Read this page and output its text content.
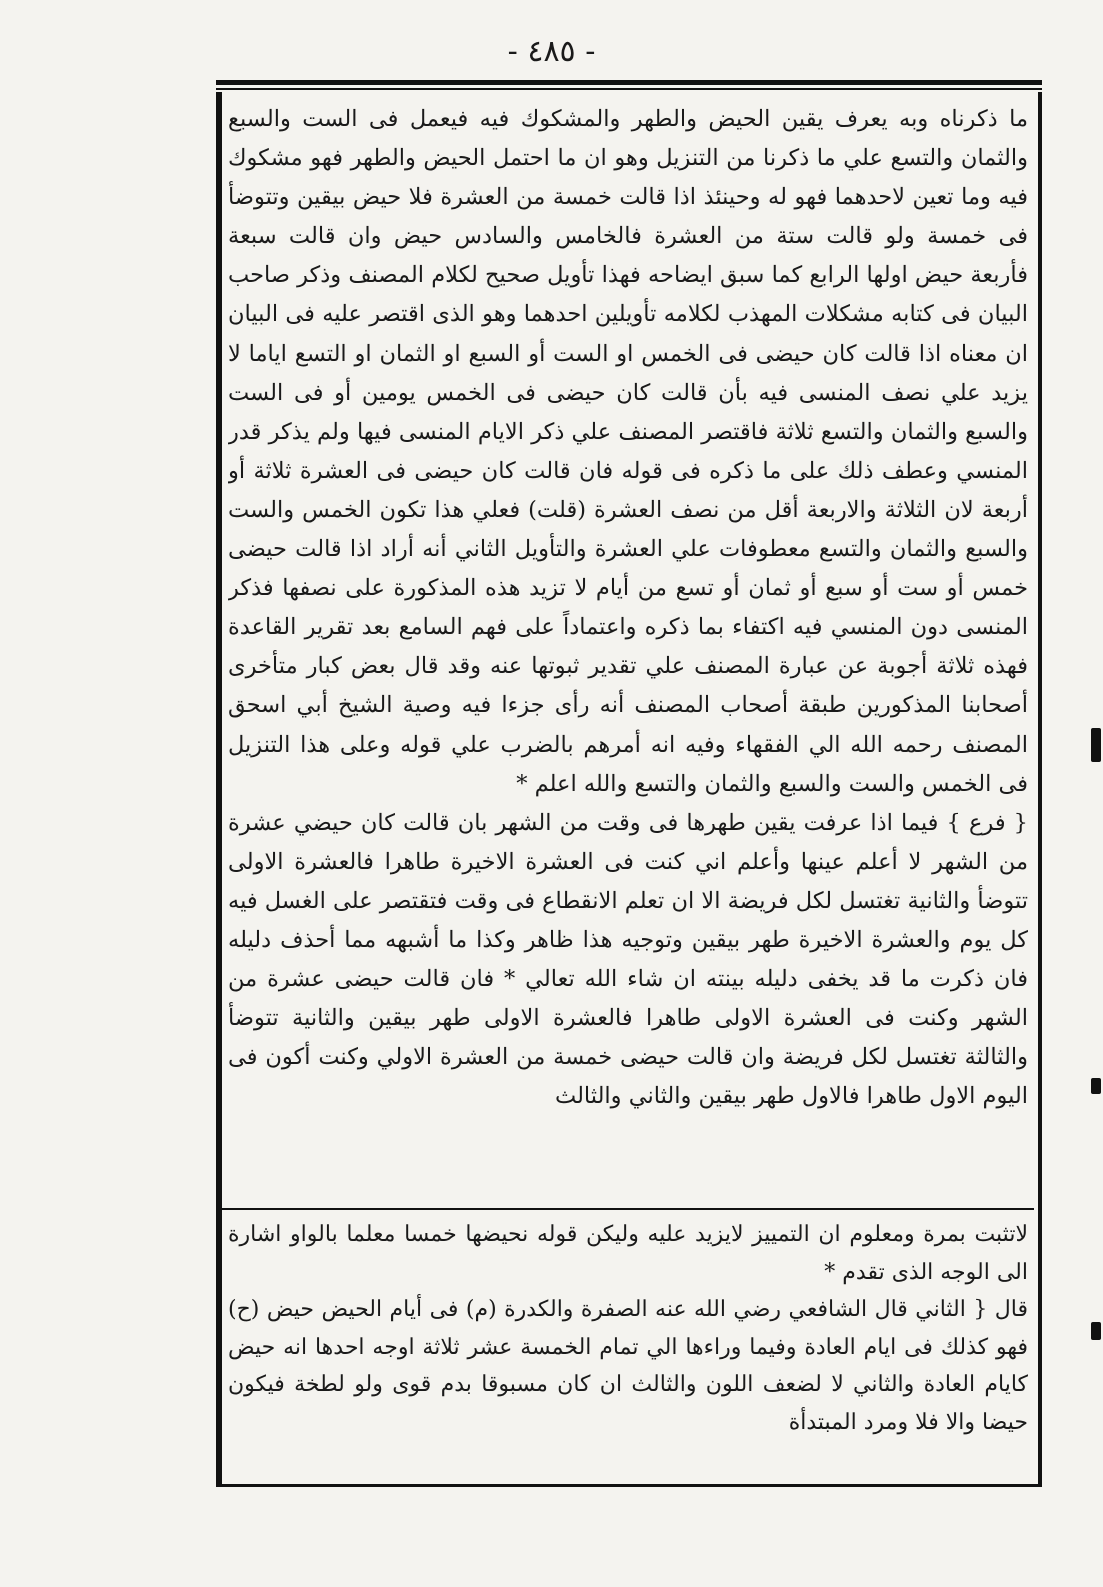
- ٤٨٥ -

ما ذكرناه وبه يعرف يقين الحيض والطهر والمشكوك فيه فيعمل فى الست والسبع والثمان والتسع علي ما ذكرنا من التنزيل وهو ان ما احتمل الحيض والطهر فهو مشكوك فيه وما تعين لاحدهما فهو له وحينئذ اذا قالت خمسة من العشرة فلا حيض بيقين وتتوضأ فى خمسة ولو قالت ستة من العشرة فالخامس والسادس حيض وان قالت سبعة فأربعة حيض اولها الرابع كما سبق ايضاحه فهذا تأويل صحيح لكلام المصنف وذكر صاحب البيان فى كتابه مشكلات المهذب لكلامه تأويلين احدهما وهو الذى اقتصر عليه فى البيان ان معناه اذا قالت كان حيضى فى الخمس او الست أو السبع او الثمان او التسع اياما لا يزيد علي نصف المنسى فيه بأن قالت كان حيضى فى الخمس يومين أو فى الست والسبع والثمان والتسع ثلاثة فاقتصر المصنف علي ذكر الايام المنسى فيها ولم يذكر قدر المنسي وعطف ذلك على ما ذكره فى قوله فان قالت كان حيضى فى العشرة ثلاثة أو أربعة لان الثلاثة والاربعة أقل من نصف العشرة (قلت) فعلي هذا تكون الخمس والست والسبع والثمان والتسع معطوفات علي العشرة والتأويل الثاني أنه أراد اذا قالت حيضى خمس أو ست أو سبع أو ثمان أو تسع من أيام لا تزيد هذه المذكورة على نصفها فذكر المنسى دون المنسي فيه اكتفاء بما ذكره واعتماداً على فهم السامع بعد تقرير القاعدة فهذه ثلاثة أجوبة عن عبارة المصنف علي تقدير ثبوتها عنه وقد قال بعض كبار متأخرى أصحابنا المذكورين طبقة أصحاب المصنف أنه رأى جزءا فيه وصية الشيخ أبي اسحق المصنف رحمه الله الي الفقهاء وفيه انه أمرهم بالضرب علي قوله وعلى هذا التنزيل فى الخمس والست والسبع والثمان والتسع والله اعلم *

{ فرع } فيما اذا عرفت يقين طهرها فى وقت من الشهر بان قالت كان حيضي عشرة من الشهر لا أعلم عينها وأعلم اني كنت فى العشرة الاخيرة طاهرا فالعشرة الاولى تتوضأ والثانية تغتسل لكل فريضة الا ان تعلم الانقطاع فى وقت فتقتصر على الغسل فيه كل يوم والعشرة الاخيرة طهر بيقين وتوجيه هذا ظاهر وكذا ما أشبهه مما أحذف دليله فان ذكرت ما قد يخفى دليله بينته ان شاء الله تعالي * فان قالت حيضى عشرة من الشهر وكنت فى العشرة الاولى طاهرا فالعشرة الاولى طهر بيقين والثانية تتوضأ والثالثة تغتسل لكل فريضة وان قالت حيضى خمسة من العشرة الاولي وكنت أكون فى اليوم الاول طاهرا فالاول طهر بيقين والثاني والثالث

لاتثبت بمرة ومعلوم ان التمييز لايزيد عليه وليكن قوله نحيضها خمسا معلما بالواو اشارة الى الوجه الذى تقدم *

قال { الثاني قال الشافعي رضي الله عنه الصفرة والكدرة (م) فى أيام الحيض حيض (ح) فهو كذلك فى ايام العادة وفيما وراءها الي تمام الخمسة عشر ثلاثة اوجه احدها انه حيض كايام العادة والثاني لا لضعف اللون والثالث ان كان مسبوقا بدم قوى ولو لطخة فيكون حيضا والا فلا ومرد المبتدأة
